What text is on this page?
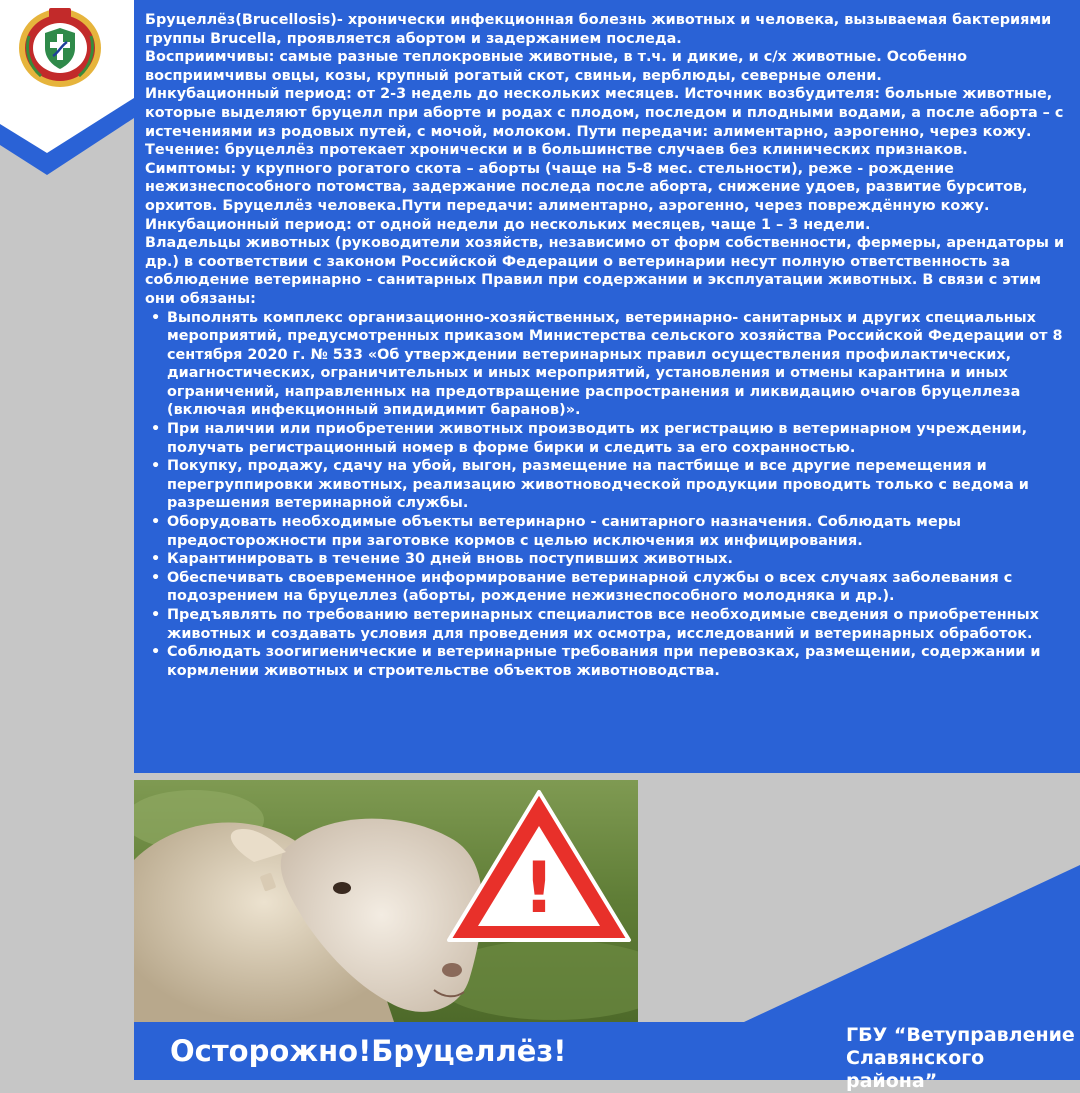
Бруцеллёз(Brucellosis)- хронически инфекционная болезнь животных и человека, вызываемая бактериями группы Brucella, проявляется абортом и задержанием последа.

Восприимчивы: самые разные теплокровные животные, в т.ч. и дикие, и с/х животные. Особенно восприимчивы овцы, козы, крупный рогатый скот, свиньи, верблюды, северные олени.

Инкубационный период: от 2-3 недель до нескольких месяцев. Источник возбудителя: больные животные, которые выделяют бруцелл при аборте и родах с плодом, последом и плодными водами, а после аборта – с истечениями из родовых путей, с мочой, молоком. Пути передачи: алиментарно, аэрогенно, через кожу.

Течение: бруцеллёз протекает хронически и в большинстве случаев без клинических признаков.

Симптомы: у крупного рогатого скота – аборты (чаще на 5-8 мес. стельности), реже - рождение нежизнеспособного потомства, задержание последа после аборта, снижение удоев, развитие бурситов, орхитов. Бруцеллёз человека.Пути передачи: алиментарно, аэрогенно, через повреждённую кожу.

Инкубационный период: от одной недели до нескольких месяцев, чаще 1 – 3 недели.

Владельцы животных (руководители хозяйств, независимо от форм собственности, фермеры, арендаторы и др.) в соответствии с законом Российской Федерации о ветеринарии несут полную ответственность за соблюдение ветеринарно - санитарных Правил при содержании и эксплуатации животных. В связи с этим они обязаны:

• Выполнять комплекс организационно-хозяйственных, ветеринарно- санитарных и других специальных мероприятий, предусмотренных приказом Министерства сельского хозяйства Российской Федерации от 8 сентября 2020 г. № 533 «Об утверждении ветеринарных правил осуществления профилактических, диагностических, ограничительных и иных мероприятий, установления и отмены карантина и иных ограничений, направленных на предотвращение распространения и ликвидацию очагов бруцеллеза (включая инфекционный эпидидимит баранов)».
• При наличии или приобретении животных производить их регистрацию в ветеринарном учреждении, получать регистрационный номер в форме бирки и следить за его сохранностью.
• Покупку, продажу, сдачу на убой, выгон, размещение на пастбище и все другие перемещения и перегруппировки животных, реализацию животноводческой продукции проводить только с ведома и разрешения ветеринарной службы.
• Оборудовать необходимые объекты ветеринарно - санитарного назначения. Соблюдать меры предосторожности при заготовке кормов с целью исключения их инфицирования.
• Карантинировать в течение 30 дней вновь поступивших животных.
• Обеспечивать своевременное информирование ветеринарной службы о всех случаях заболевания с подозрением на бруцеллез (аборты, рождение нежизнеспособного молодняка и др.).
• Предъявлять по требованию ветеринарных специалистов все необходимые сведения о приобретенных животных и создавать условия для проведения их осмотра, исследований и ветеринарных обработок.
• Соблюдать зоогигиенические и ветеринарные требования при перевозках, размещении, содержании и кормлении животных и строительстве объектов животноводства.
!
Осторожно!Бруцеллёз!	ГБУ “Ветуправление
Славянского района”
